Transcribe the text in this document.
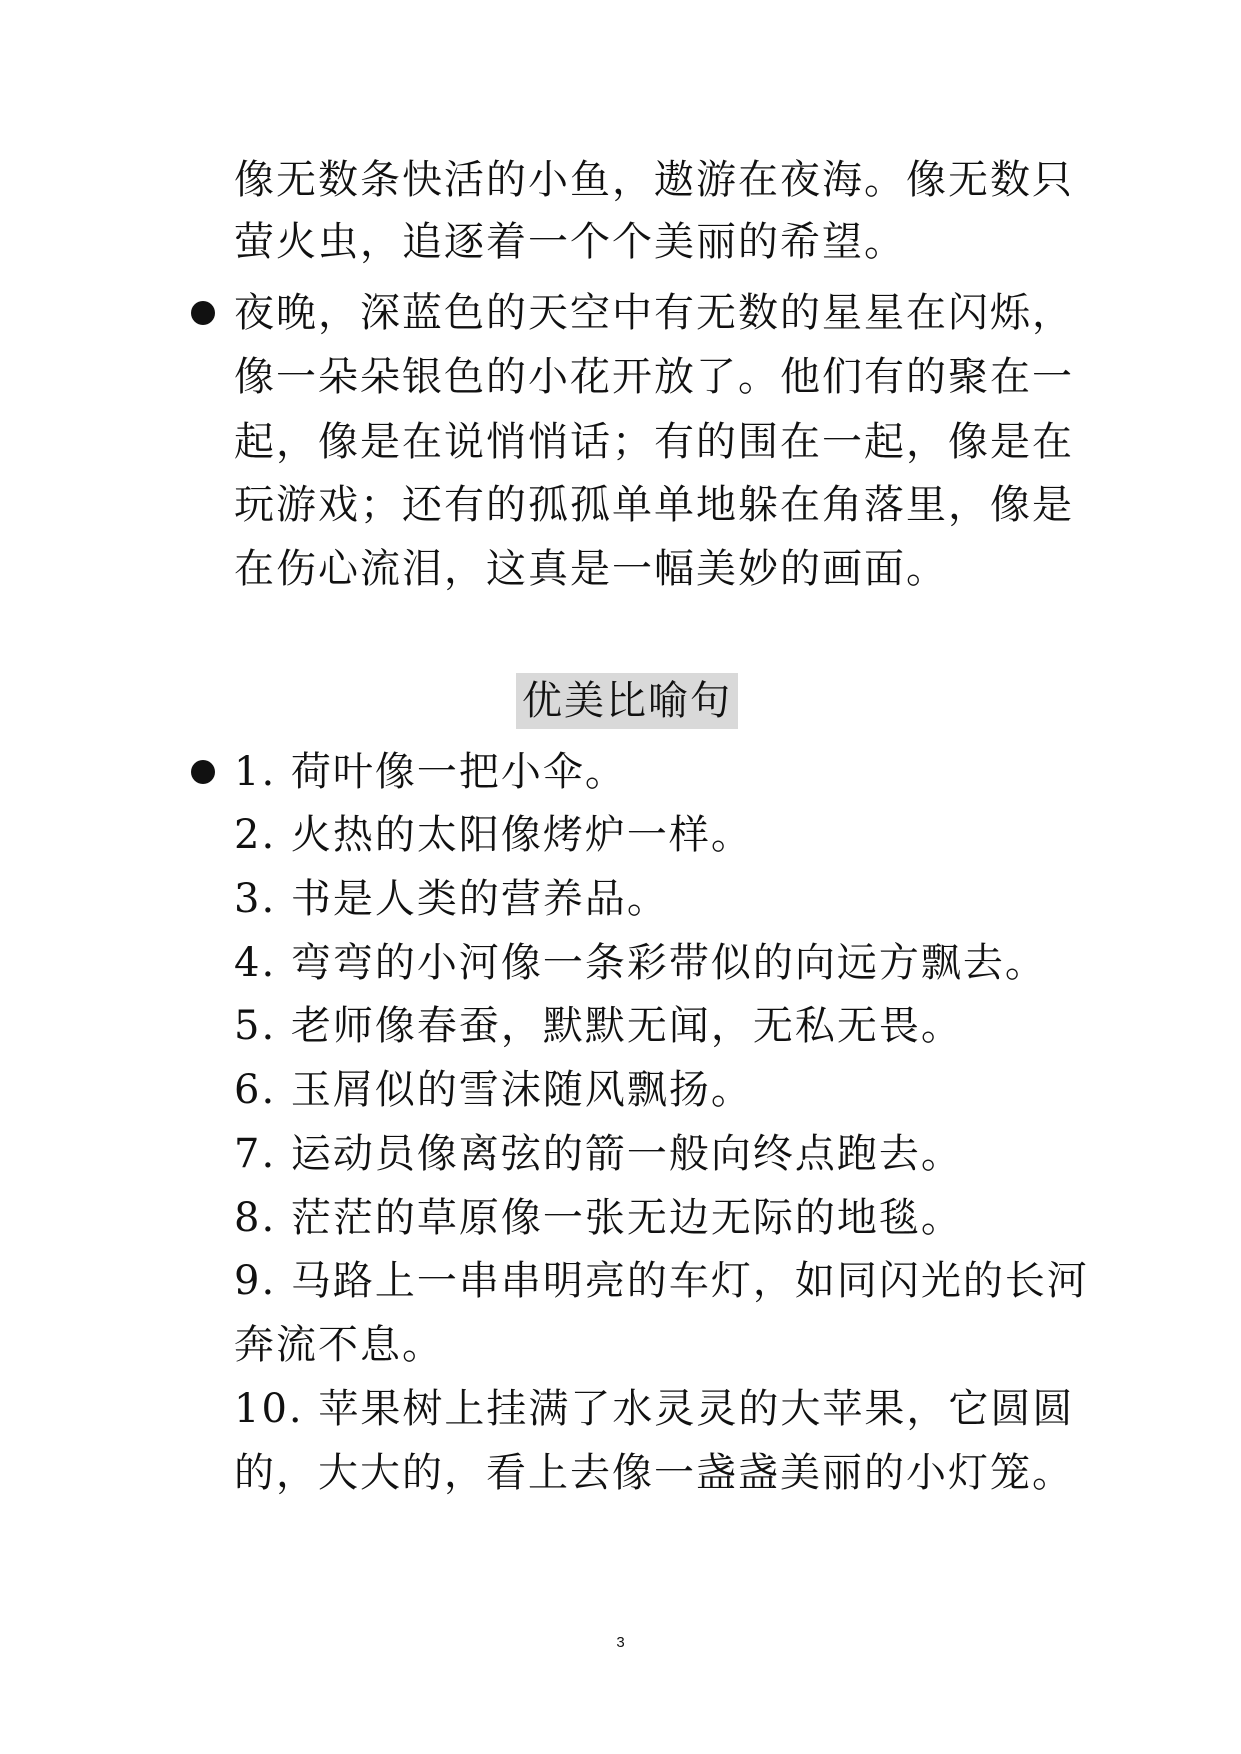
像无数条快活的小鱼，遨游在夜海。像无数只
萤火虫，追逐着一个个美丽的希望。
夜晚，深蓝色的天空中有无数的星星在闪烁，
像一朵朵银色的小花开放了。他们有的聚在一
起，像是在说悄悄话；有的围在一起，像是在
玩游戏；还有的孤孤单单地躲在角落里，像是
在伤心流泪，这真是一幅美妙的画面。
优美比喻句
1. 荷叶像一把小伞。
2. 火热的太阳像烤炉一样。
3. 书是人类的营养品。
4. 弯弯的小河像一条彩带似的向远方飘去。
5. 老师像春蚕，默默无闻，无私无畏。
6. 玉屑似的雪沫随风飘扬。
7. 运动员像离弦的箭一般向终点跑去。
8. 茫茫的草原像一张无边无际的地毯。
9. 马路上一串串明亮的车灯，如同闪光的长河
奔流不息。
10. 苹果树上挂满了水灵灵的大苹果，它圆圆
的，大大的，看上去像一盏盏美丽的小灯笼。
3
